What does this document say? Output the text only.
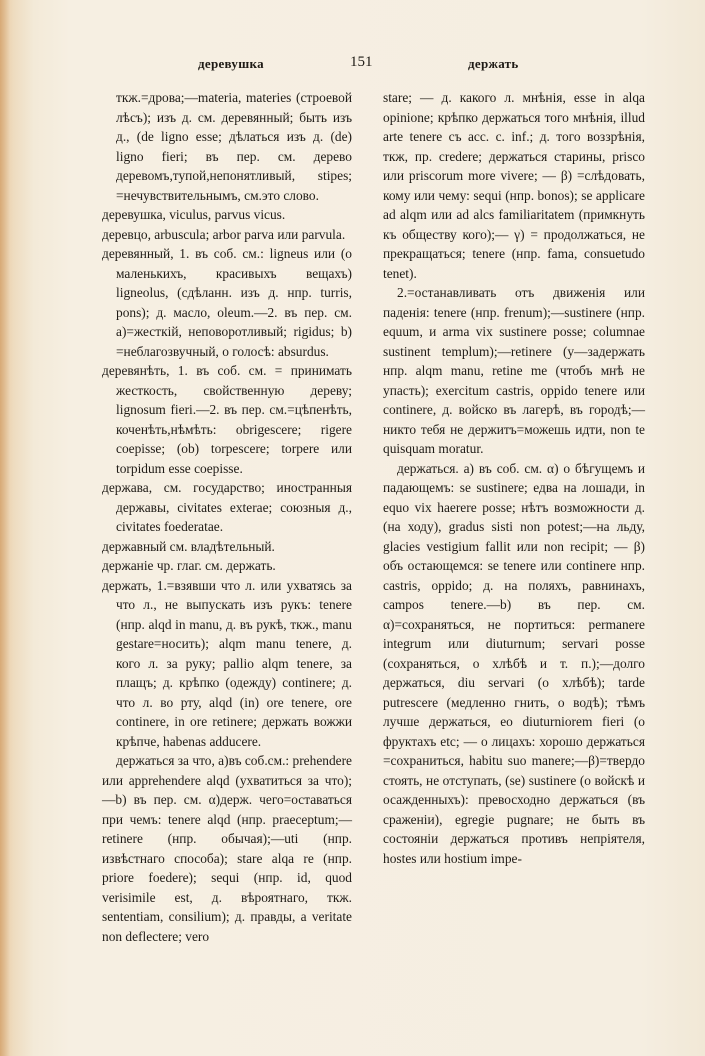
деревушка	151	держать

ткж.=дрова;—materia, materies (строевой лѣсъ); изъ д. см. деревянный; быть изъ д., (de ligno esse; дѣлаться изъ д. (de) ligno fieri; въ пер. см. дерево деревомъ,тупой,непонятливый, stipes; =нечувствительнымъ, см.это слово.

деревушка, viculus, parvus vicus.

деревцо, arbuscula; arbor parva или parvula.

деревянный, 1. въ соб. см.: ligneus или (о маленькихъ, красивыхъ вещахъ) ligneolus, (сдѣланн. изъ д. нпр. turris, pons); д. масло, oleum.—2. въ пер. см. а)=жесткій, неповоротливый; rigidus; b) =неблагозвучный, о голосѣ: absurdus.

деревянѣть, 1. въ соб. см. = принимать жесткость, свойственную дереву; lignosum fieri.—2. въ пер. см.=цѣпенѣть, коченѣть,нѣмѣть: obrigescere; rigere coepisse; (ob) torpescere; torpere или torpidum esse coepisse.

держава, см. государство; иностранныя державы, civitates exterae; союзныя д., civitates foederatae.

державный см. владѣтельный.

держаніе чр. глаг. см. держать.

держать, 1.=взявши что л. или ухватясь за что л., не выпускать изъ рукъ: tenere (нпр. alqd in manu, д. въ рукѣ, ткж., manu gestare=носить); alqm manu tenere, д. кого л. за руку; pallio alqm tenere, за плащъ; д. крѣпко (одежду) continere; д. что л. во рту, alqd (in) ore tenere, ore continere, in ore retinere; держать вожжи крѣпче, habenas adducere.

держаться за что, а)въ соб.см.: prehendere или apprehendere alqd (ухватиться за что);—b) въ пер. см. α)держ. чего=оставаться при чемъ: tenere alqd (нпр. praeceptum;—retinere (нпр. обычая);—uti (нпр. извѣстнаго способа); stare alqa re (нпр. priore foedere); sequi (нпр. id, quod verisimile est, д. вѣроятнаго, ткж. sententiam, consilium); д. правды, a veritate non deflectere; vero

stare; — д. какого л. мнѣнія, esse in alqa opinione; крѣпко держаться того мнѣнія, illud arte tenere съ acc. c. inf.; д. того воззрѣнія, ткж, пр. credere; держаться старины, prisco или priscorum more vivere; — β) =слѣдовать, кому или чему: sequi (нпр. bonos); se applicare ad alqm или ad alcs familiaritatem (примкнуть къ обществу кого);— γ) = продолжаться, не прекращаться; tenere (нпр. fama, consuetudo tenet).

2.=останавливать отъ движенія или паденія: tenere (нпр. frenum);—sustinere (нпр. equum, и arma vix sustinere posse; columnae sustinent templum);—retinere (у—задержать нпр. alqm manu, retine me (чтобъ мнѣ не упасть); exercitum castris, oppido tenere или continere, д. войско въ лагерѣ, въ городѣ;—никто тебя не держитъ=можешь идти, non te quisquam moratur.

держаться. а) въ соб. см. α) о бѣгущемъ и падающемъ: se sustinere; едва на лошади, in equo vix haerere posse; нѣтъ возможности д. (на ходу), gradus sisti non potest;—на льду, glacies vestigium fallit или non recipit; — β) объ остающемся: se tenere или continere нпр. castris, oppido; д. на поляхъ, равнинахъ, campos tenere.—b) въ пер. см. α)=сохраняться, не портиться: permanere integrum или diuturnum; servari posse (сохраняться, о хлѣбѣ и т. п.);—долго держаться, diu servari (о хлѣбѣ); tarde putrescere (медленно гнить, о водѣ); тѣмъ лучше держаться, eo diuturniorem fieri (о фруктахъ etc; — о лицахъ: хорошо держаться =сохраниться, habitu suo manere;—β)=твердо стоять, не отступать, (se) sustinere (о войскѣ и осажденныхъ): превосходно держаться (въ сраженіи), egregie pugnare; не быть въ состояніи держаться противъ непріятеля, hostes или hostium impe-
